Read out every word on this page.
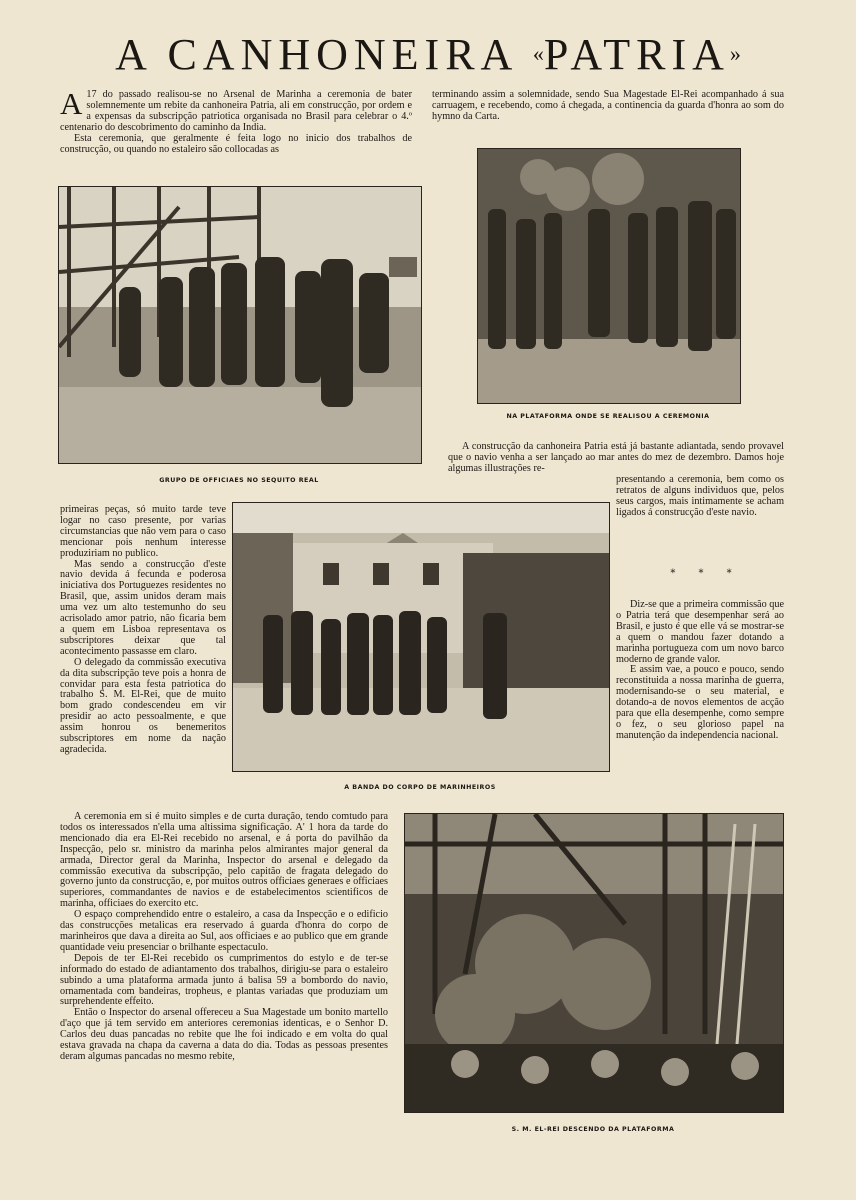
A CANHONEIRA «PATRIA»
A 17 do passado realisou-se no Arsenal de Marinha a ceremonia de bater solemnemente um rebite da canhoneira Patria, ali em construcção, por ordem e a expensas da subscripção patriotica organisada no Brasil para celebrar o 4.º centenario do descobrimento do caminho da India.

Esta ceremonia, que geralmente é feita logo no inicio dos trabalhos de construcção, ou quando no estaleiro são collocadas as

terminando assim a solemnidade, sendo Sua Magestade El-Rei acompanhado á sua carruagem, e recebendo, como á chegada, a continencia da guarda d'honra ao som do hymno da Carta.

GRUPO DE OFFICIAES NO SEQUITO REAL

NA PLATAFORMA ONDE SE REALISOU A CEREMONIA

A construcção da canhoneira Patria está já bastante adiantada, sendo provavel que o navio venha a ser lançado ao mar antes do mez de dezembro. Damos hoje algumas illustrações re-

presentando a ceremonia, bem como os retratos de alguns individuos que, pelos seus cargos, mais intimamente se acham ligados á construcção d'este navio.

* * *

Diz-se que a primeira commissão que o Patria terá que desempenhar será ao Brasil, e justo é que elle vá se mostrar-se a quem o mandou fazer dotando a marinha portugueza com um novo barco moderno de grande valor.

E assim vae, a pouco e pouco, sendo reconstituida a nossa marinha de guerra, modernisando-se o seu material, e dotando-a de novos elementos de acção para que ella desempenhe, como sempre o fez, o seu glorioso papel na manutenção da independencia nacional.

primeiras peças, só muito tarde teve logar no caso presente, por varias circumstancias que não vem para o caso mencionar pois nenhum interesse produziriam no publico.

Mas sendo a construcção d'este navio devida á fecunda e poderosa iniciativa dos Portuguezes residentes no Brasil, que, assim unidos deram mais uma vez um alto testemunho do seu acrisolado amor patrio, não ficaria bem a quem em Lisboa representava os subscriptores deixar que tal acontecimento passasse em claro.

O delegado da commissão executiva da dita subscripção teve pois a honra de convidar para esta festa patriotica do trabalho S. M. El-Rei, que de muito bom grado condescendeu em vir presidir ao acto pessoalmente, e que assim honrou os benemeritos subscriptores em nome da nação agradecida.

A BANDA DO CORPO DE MARINHEIROS

A ceremonia em si é muito simples e de curta duração, tendo comtudo para todos os interessados n'ella uma altissima significação. A' 1 hora da tarde do mencionado dia era El-Rei recebido no arsenal, e á porta do pavilhão da Inspecção, pelo sr. ministro da marinha pelos almirantes major general da armada, Director geral da Marinha, Inspector do arsenal e delegado da commissão executiva da subscripção, pelo capitão de fragata delegado do governo junto da construcção, e, por muitos outros officiaes generaes e officiaes superiores, commandantes de navios e de estabelecimentos scientificos de marinha, officiaes do exercito etc.

O espaço comprehendido entre o estaleiro, a casa da Inspecção e o edificio das construcções metalicas era reservado á guarda d'honra do corpo de marinheiros que dava a direita ao Sul, aos officiaes e ao publico que em grande quantidade veiu presenciar o brilhante espectaculo.

Depois de ter El-Rei recebido os cumprimentos do estylo e de ter-se informado do estado de adiantamento dos trabalhos, dirigiu-se para o estaleiro subindo a uma plataforma armada junto á balisa 59 a bombordo do navio, ornamentada com bandeiras, tropheus, e plantas variadas que produziam um surprehendente effeito.

Então o Inspector do arsenal offereceu a Sua Magestade um bonito martello d'aço que já tem servido em anteriores ceremonias identicas, e o Senhor D. Carlos deu duas pancadas no rebite que lhe foi indicado e em volta do qual estava gravada na chapa da caverna a data do dia. Todas as pessoas presentes deram algumas pancadas no mesmo rebite,

S. M. EL-REI DESCENDO DA PLATAFORMA
